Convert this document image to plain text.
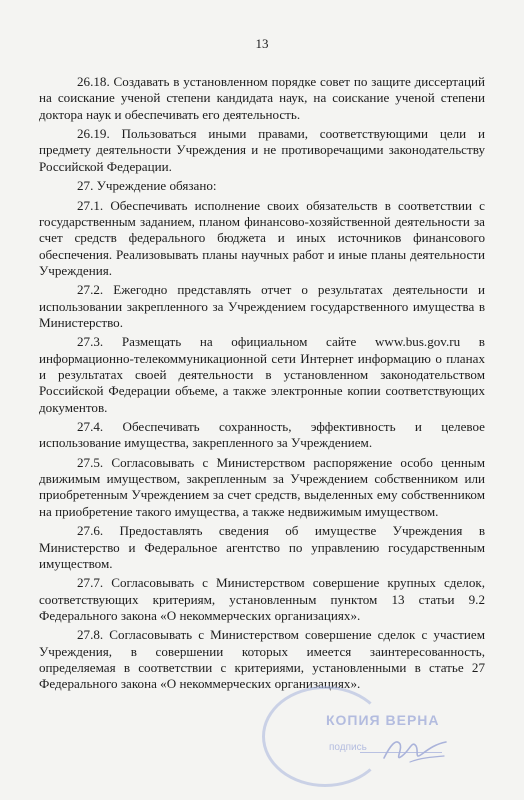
13

26.18. Создавать в установленном порядке совет по защите диссертаций на соискание ученой степени кандидата наук, на соискание ученой степени доктора наук и обеспечивать его деятельность.

26.19. Пользоваться иными правами, соответствующими цели и предмету деятельности Учреждения и не противоречащими законодательству Российской Федерации.

27. Учреждение обязано:

27.1. Обеспечивать исполнение своих обязательств в соответствии с государственным заданием, планом финансово-хозяйственной деятельности за счет средств федерального бюджета и иных источников финансового обеспечения. Реализовывать планы научных работ и иные планы деятельности Учреждения.

27.2. Ежегодно представлять отчет о результатах деятельности и использовании закрепленного за Учреждением государственного имущества в Министерство.

27.3. Размещать на официальном сайте www.bus.gov.ru в информационно-телекоммуникационной сети Интернет информацию о планах и результатах своей деятельности в установленном законодательством Российской Федерации объеме, а также электронные копии соответствующих документов.

27.4. Обеспечивать сохранность, эффективность и целевое использование имущества, закрепленного за Учреждением.

27.5. Согласовывать с Министерством распоряжение особо ценным движимым имуществом, закрепленным за Учреждением собственником или приобретенным Учреждением за счет средств, выделенных ему собственником на приобретение такого имущества, а также недвижимым имуществом.

27.6. Предоставлять сведения об имуществе Учреждения в Министерство и Федеральное агентство по управлению государственным имуществом.

27.7. Согласовывать с Министерством совершение крупных сделок, соответствующих критериям, установленным пунктом 13 статьи 9.2 Федерального закона «О некоммерческих организациях».

27.8. Согласовывать с Министерством совершение сделок с участием Учреждения, в совершении которых имеется заинтересованность, определяемая в соответствии с критериями, установленными в статье 27 Федерального закона «О некоммерческих организациях».

КОПИЯ ВЕРНА
подпись
